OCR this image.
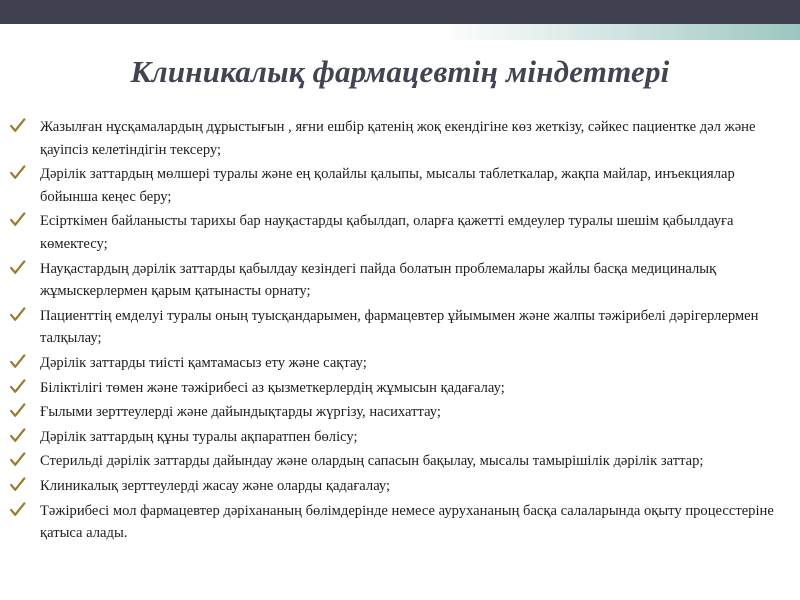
Клиникалық фармацевтің міндеттері
Жазылған нұсқамалардың дұрыстығын , яғни ешбір қатенің жоқ екендігіне көз жеткізу, сәйкес пациентке дәл және қауіпсіз келетіндігін тексеру;
Дәрілік заттардың мөлшері туралы және ең қолайлы қалыпы, мысалы таблеткалар, жақпа майлар, инъекциялар бойынша кеңес беру;
Есірткімен байланысты тарихы бар науқастарды қабылдап, оларға қажетті емдеулер туралы шешім қабылдауға көмектесу;
Науқастардың дәрілік заттарды қабылдау кезіндегі пайда болатын проблемалары жайлы басқа медициналық жұмыскерлермен қарым қатынасты орнату;
Пациенттің емделуі туралы оның туысқандарымен, фармацевтер ұйымымен және жалпы тәжірибелі дәрігерлермен талқылау;
Дәрілік заттарды тиісті қамтамасыз ету және сақтау;
Біліктілігі төмен және тәжірибесі аз қызметкерлердің жұмысын қадағалау;
Ғылыми зерттеулерді және дайындықтарды жүргізу, насихаттау;
Дәрілік заттардың құны туралы ақпаратпен бөлісу;
Стерильді дәрілік заттарды дайындау және олардың сапасын бақылау, мысалы тамырішілік дәрілік заттар;
Клиникалық зерттеулерді жасау және оларды қадағалау;
Тәжірибесі мол фармацевтер дәріхананың бөлімдерінде немесе аурухананың басқа салаларында оқыту процесстеріне қатыса алады.
